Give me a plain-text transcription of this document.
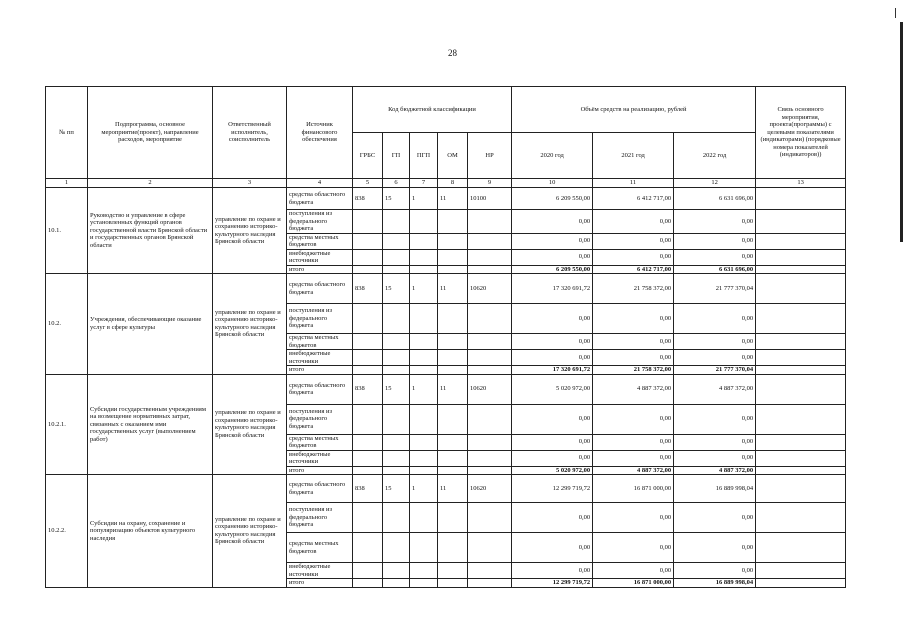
28
№ пп	Подпрограмма, основное мероприятие(проект), направление расходов, мероприятие	Ответственный исполнитель, соисполнитель	Источник финансового обеспечения	Код бюджетной классификации					Объём средств на реализацию, рублей			Связь основного мероприятия, проекта(программы) с целевыми показателями (индикаторами) (порядковые номера показателей (индикаторов))
				ГРБС	ГП	ПГП	ОМ	НР	2020 год	2021 год	2022 год	
1	2	3	4	5	6	7	8	9	10	11	12	13
10.1.	Руководство и управление в сфере установленных функций органов государственной власти Брянской области и государственных органов Брянской области	управление по охране и сохранению историко-культурного наследия Брянской области	средства областного бюджета	838	15	1	11	10100	6 209 550,00	6 412 717,00	6 631 696,00	
			поступления из федерального бюджета						0,00	0,00	0,00	
			средства местных бюджетов						0,00	0,00	0,00	
			внебюджетные источники						0,00	0,00	0,00	
			итого						6 209 550,00	6 412 717,00	6 631 696,00	
10.2.	Учреждения, обеспечивающие оказание услуг в сфере культуры	управление по охране и сохранению историко-культурного наследия Брянской области	средства областного бюджета	838	15	1	11	10620	17 320 691,72	21 758 372,00	21 777 370,04	
			поступления из федерального бюджета						0,00	0,00	0,00	
			средства местных бюджетов						0,00	0,00	0,00	
			внебюджетные источники						0,00	0,00	0,00	
			итого						17 320 691,72	21 758 372,00	21 777 370,04	
10.2.1.	Субсидии государственным учреждениям на возмещение нормативных затрат, связанных с оказанием ими государственных услуг (выполнением работ)	управление по охране и сохранению историко-культурного наследия Брянской области	средства областного бюджета	838	15	1	11	10620	5 020 972,00	4 887 372,00	4 887 372,00	
			поступления из федерального бюджета						0,00	0,00	0,00	
			средства местных бюджетов						0,00	0,00	0,00	
			внебюджетные источники						0,00	0,00	0,00	
			итого						5 020 972,00	4 887 372,00	4 887 372,00	
10.2.2.	Субсидии на охрану, сохранение и популяризацию объектов культурного наследия	управление по охране и сохранению историко-культурного наследия Брянской области	средства областного бюджета	838	15	1	11	10620	12 299 719,72	16 871 000,00	16 889 998,04	
			поступления из федерального бюджета						0,00	0,00	0,00	
			средства местных бюджетов						0,00	0,00	0,00	
			внебюджетные источники						0,00	0,00	0,00	
			итого						12 299 719,72	16 871 000,00	16 889 998,04	
